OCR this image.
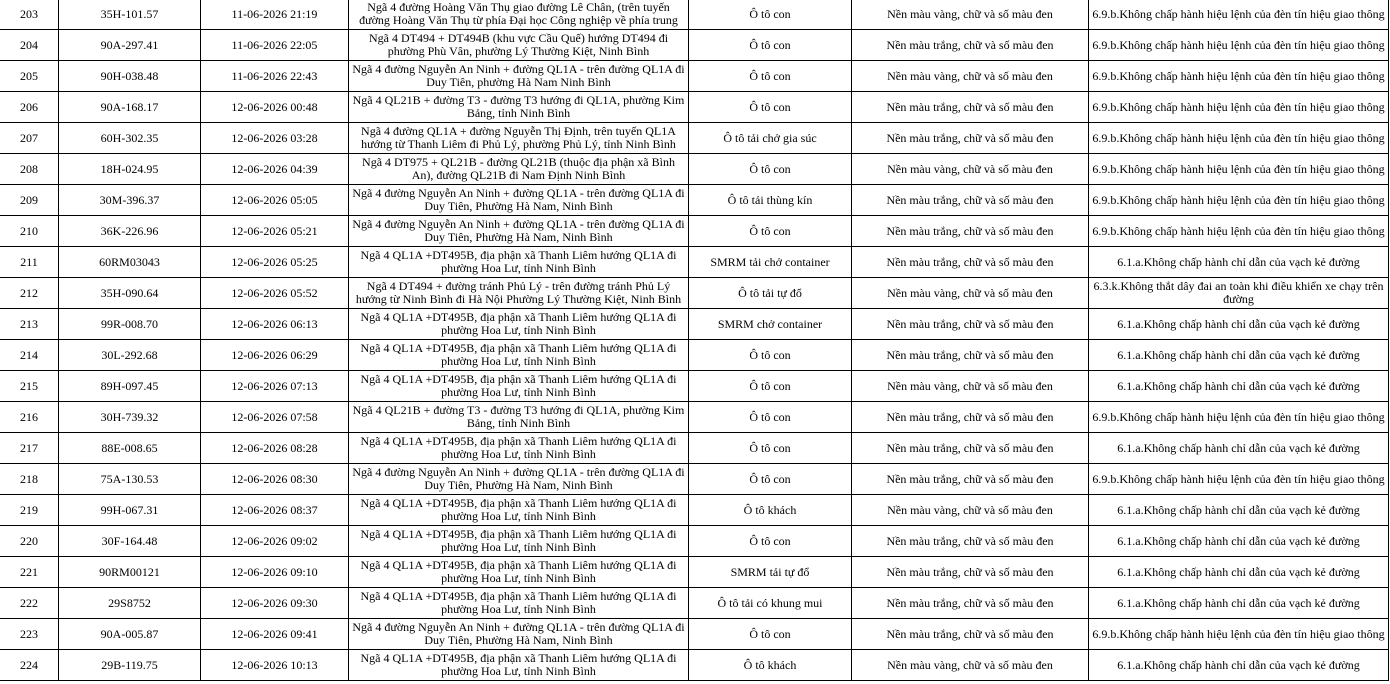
203	35H-101.57	11-06-2026 21:19	Ngã 4 đường Hoàng Văn Thụ giao đường Lê Chân, (trên tuyến đường Hoàng Văn Thụ từ phía Đại học Công nghiệp về phía trung	Ô tô con	Nền màu vàng, chữ và số màu đen	6.9.b.Không chấp hành hiệu lệnh của đèn tín hiệu giao thông
204	90A-297.41	11-06-2026 22:05	Ngã 4 DT494 + DT494B (khu vực Cầu Quế) hướng DT494 đi phường Phù Vân, phường Lý Thường Kiệt, Ninh Bình	Ô tô con	Nền màu trắng, chữ và số màu đen	6.9.b.Không chấp hành hiệu lệnh của đèn tín hiệu giao thông
205	90H-038.48	11-06-2026 22:43	Ngã 4 đường Nguyễn An Ninh + đường QL1A - trên đường QL1A đi Duy Tiên, phường Hà Nam Ninh Bình	Ô tô con	Nền màu vàng, chữ và số màu đen	6.9.b.Không chấp hành hiệu lệnh của đèn tín hiệu giao thông
206	90A-168.17	12-06-2026 00:48	Ngã 4 QL21B + đường T3 - đường T3 hướng đi QL1A, phường Kim Bảng, tỉnh Ninh Bình	Ô tô con	Nền màu trắng, chữ và số màu đen	6.9.b.Không chấp hành hiệu lệnh của đèn tín hiệu giao thông
207	60H-302.35	12-06-2026 03:28	Ngã 4 đường QL1A + đường Nguyễn Thị Định, trên tuyến QL1A hướng từ Thanh Liêm đi Phủ Lý, phường Phủ Lý, tỉnh Ninh Bình	Ô tô tải chở gia súc	Nền màu trắng, chữ và số màu đen	6.9.b.Không chấp hành hiệu lệnh của đèn tín hiệu giao thông
208	18H-024.95	12-06-2026 04:39	Ngã 4 DT975 + QL21B - đường QL21B (thuộc địa phận xã Bình An), đường QL21B đi Nam Định Ninh Bình	Ô tô con	Nền màu vàng, chữ và số màu đen	6.9.b.Không chấp hành hiệu lệnh của đèn tín hiệu giao thông
209	30M-396.37	12-06-2026 05:05	Ngã 4 đường Nguyễn An Ninh + đường QL1A - trên đường QL1A đi Duy Tiên, Phường Hà Nam, Ninh Bình	Ô tô tải thùng kín	Nền màu trắng, chữ và số màu đen	6.9.b.Không chấp hành hiệu lệnh của đèn tín hiệu giao thông
210	36K-226.96	12-06-2026 05:21	Ngã 4 đường Nguyễn An Ninh + đường QL1A - trên đường QL1A đi Duy Tiên, Phường Hà Nam, Ninh Bình	Ô tô con	Nền màu trắng, chữ và số màu đen	6.9.b.Không chấp hành hiệu lệnh của đèn tín hiệu giao thông
211	60RM03043	12-06-2026 05:25	Ngã 4 QL1A +DT495B, địa phận xã Thanh Liêm hướng QL1A đi phường Hoa Lư, tỉnh Ninh Bình	SMRM tải chở container	Nền màu trắng, chữ và số màu đen	6.1.a.Không chấp hành chỉ dẫn của vạch kẻ đường
212	35H-090.64	12-06-2026 05:52	Ngã 4 DT494 + đường tránh Phủ Lý - trên đường tránh Phủ Lý hướng từ Ninh Bình đi Hà Nội Phường Lý Thường Kiệt, Ninh Bình	Ô tô tải tự đổ	Nền màu vàng, chữ và số màu đen	6.3.k.Không thắt dây đai an toàn khi điều khiển xe chạy trên đường
213	99R-008.70	12-06-2026 06:13	Ngã 4 QL1A +DT495B, địa phận xã Thanh Liêm hướng QL1A đi phường Hoa Lư, tỉnh Ninh Bình	SMRM chở container	Nền màu trắng, chữ và số màu đen	6.1.a.Không chấp hành chỉ dẫn của vạch kẻ đường
214	30L-292.68	12-06-2026 06:29	Ngã 4 QL1A +DT495B, địa phận xã Thanh Liêm hướng QL1A đi phường Hoa Lư, tỉnh Ninh Bình	Ô tô con	Nền màu trắng, chữ và số màu đen	6.1.a.Không chấp hành chỉ dẫn của vạch kẻ đường
215	89H-097.45	12-06-2026 07:13	Ngã 4 QL1A +DT495B, địa phận xã Thanh Liêm hướng QL1A đi phường Hoa Lư, tỉnh Ninh Bình	Ô tô con	Nền màu vàng, chữ và số màu đen	6.1.a.Không chấp hành chỉ dẫn của vạch kẻ đường
216	30H-739.32	12-06-2026 07:58	Ngã 4 QL21B + đường T3 - đường T3 hướng đi QL1A, phường Kim Bảng, tỉnh Ninh Bình	Ô tô con	Nền màu trắng, chữ và số màu đen	6.9.b.Không chấp hành hiệu lệnh của đèn tín hiệu giao thông
217	88E-008.65	12-06-2026 08:28	Ngã 4 QL1A +DT495B, địa phận xã Thanh Liêm hướng QL1A đi phường Hoa Lư, tỉnh Ninh Bình	Ô tô con	Nền màu trắng, chữ và số màu đen	6.1.a.Không chấp hành chỉ dẫn của vạch kẻ đường
218	75A-130.53	12-06-2026 08:30	Ngã 4 đường Nguyễn An Ninh + đường QL1A - trên đường QL1A đi Duy Tiên, Phường Hà Nam, Ninh Bình	Ô tô con	Nền màu trắng, chữ và số màu đen	6.9.b.Không chấp hành hiệu lệnh của đèn tín hiệu giao thông
219	99H-067.31	12-06-2026 08:37	Ngã 4 QL1A +DT495B, địa phận xã Thanh Liêm hướng QL1A đi phường Hoa Lư, tỉnh Ninh Bình	Ô tô khách	Nền màu vàng, chữ và số màu đen	6.1.a.Không chấp hành chỉ dẫn của vạch kẻ đường
220	30F-164.48	12-06-2026 09:02	Ngã 4 QL1A +DT495B, địa phận xã Thanh Liêm hướng QL1A đi phường Hoa Lư, tỉnh Ninh Bình	Ô tô con	Nền màu trắng, chữ và số màu đen	6.1.a.Không chấp hành chỉ dẫn của vạch kẻ đường
221	90RM00121	12-06-2026 09:10	Ngã 4 QL1A +DT495B, địa phận xã Thanh Liêm hướng QL1A đi phường Hoa Lư, tỉnh Ninh Bình	SMRM tải tự đổ	Nền màu trắng, chữ và số màu đen	6.1.a.Không chấp hành chỉ dẫn của vạch kẻ đường
222	29S8752	12-06-2026 09:30	Ngã 4 QL1A +DT495B, địa phận xã Thanh Liêm hướng QL1A đi phường Hoa Lư, tỉnh Ninh Bình	Ô tô tải có khung mui	Nền màu trắng, chữ và số màu đen	6.1.a.Không chấp hành chỉ dẫn của vạch kẻ đường
223	90A-005.87	12-06-2026 09:41	Ngã 4 đường Nguyễn An Ninh + đường QL1A - trên đường QL1A đi Duy Tiên, Phường Hà Nam, Ninh Bình	Ô tô con	Nền màu trắng, chữ và số màu đen	6.9.b.Không chấp hành hiệu lệnh của đèn tín hiệu giao thông
224	29B-119.75	12-06-2026 10:13	Ngã 4 QL1A +DT495B, địa phận xã Thanh Liêm hướng QL1A đi phường Hoa Lư, tỉnh Ninh Bình	Ô tô khách	Nền màu vàng, chữ và số màu đen	6.1.a.Không chấp hành chỉ dẫn của vạch kẻ đường
